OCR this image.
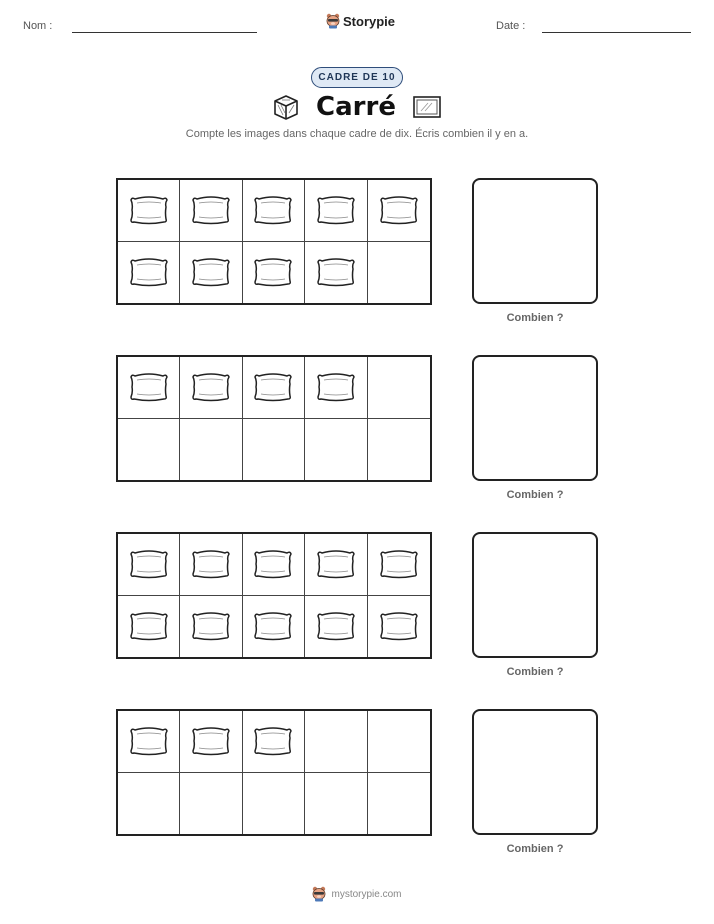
Nom :	Storypie	Date :
CADRE DE 10
Carré
Compte les images dans chaque cadre de dix. Écris combien il y en a.
Combien ?
Combien ?
Combien ?
Combien ?
mystorypie.com
